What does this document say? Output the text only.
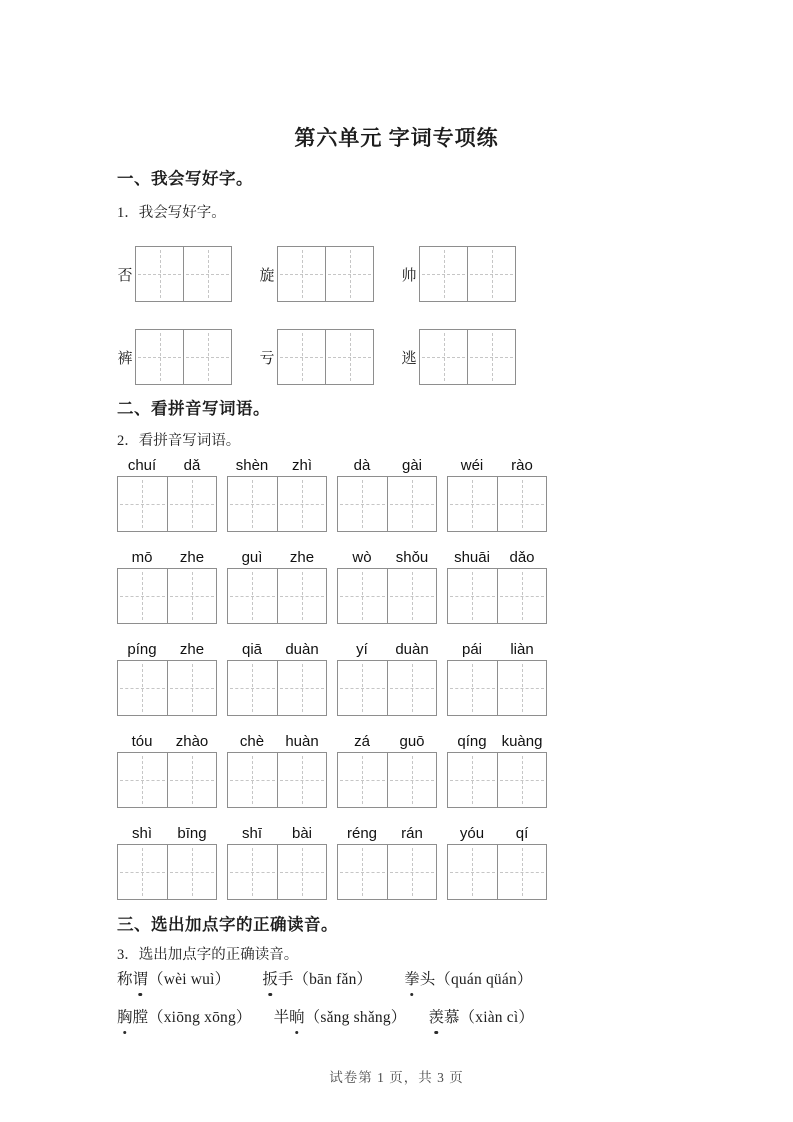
第六单元 字词专项练
一、我会写好字。
1．我会写好字。
否	旋	帅
裤	亏	逃
二、看拼音写词语。
2．看拼音写词语。
chuí	dǎ	shèn	zhì	dà	gài	wéi	rào
mō	zhe	guì	zhe	wò	shǒu	shuāi	dǎo
píng	zhe	qiā	duàn	yí	duàn	pái	liàn
tóu	zhào	chè	huàn	zá	guō	qíng kuàng
shì	bīng	shī	bài	réng	rán	yóu	qí
三、选出加点字的正确读音。
3．选出加点字的正确读音。
称谓（wèi wuì） 扳手（bān fǎn） 拳头（quán qüán）
胸膛（xiōng xōng） 半晌（sǎng shǎng） 羡慕（xiàn cì）
试卷第 1 页，共 3 页
